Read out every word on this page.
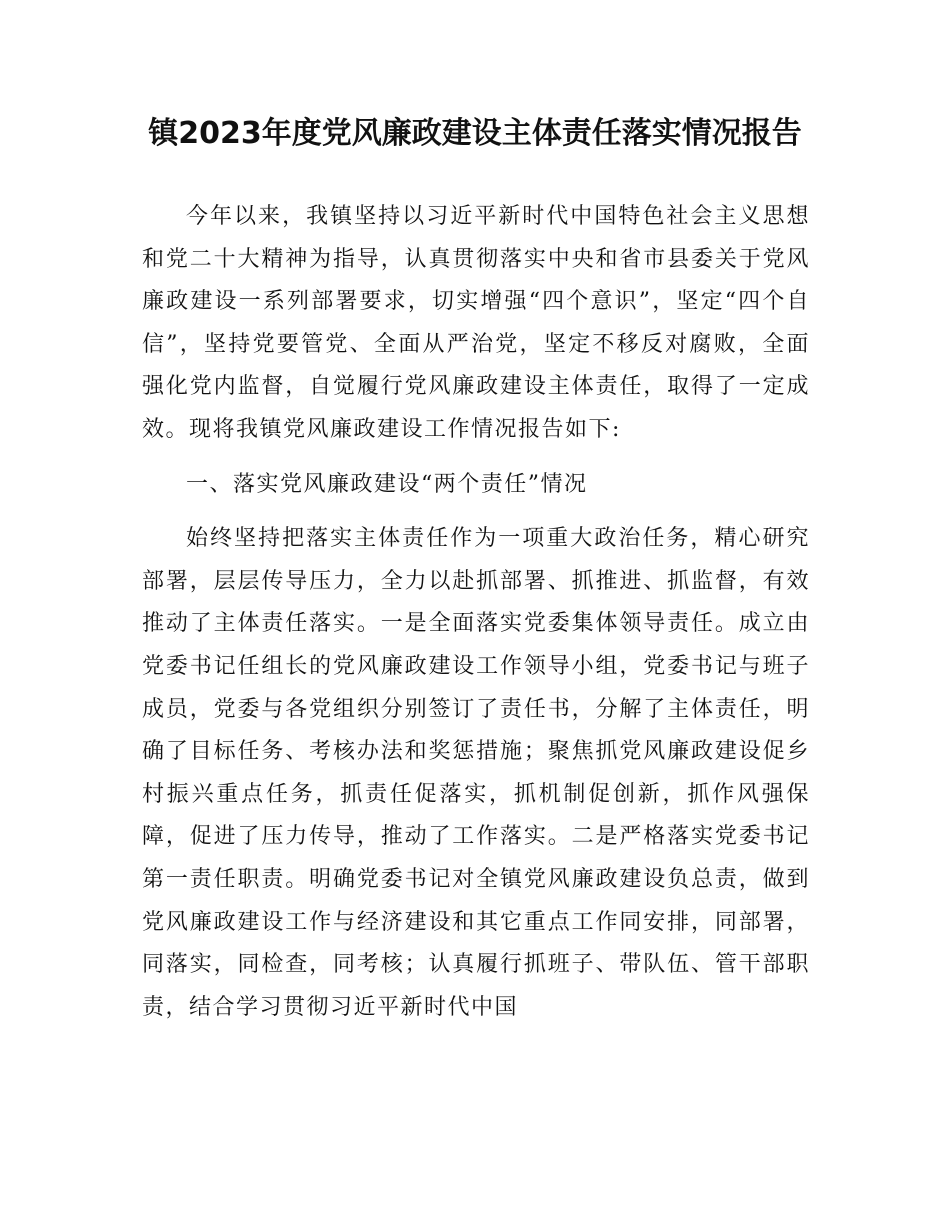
镇2023年度党风廉政建设主体责任落实情况报告

今年以来，我镇坚持以习近平新时代中国特色社会主义思想和党二十大精神为指导，认真贯彻落实中央和省市县委关于党风廉政建设一系列部署要求，切实增强“四个意识”，坚定“四个自信”，坚持党要管党、全面从严治党，坚定不移反对腐败，全面强化党内监督，自觉履行党风廉政建设主体责任，取得了一定成效。现将我镇党风廉政建设工作情况报告如下:

一、落实党风廉政建设“两个责任”情况

始终坚持把落实主体责任作为一项重大政治任务，精心研究部署，层层传导压力，全力以赴抓部署、抓推进、抓监督，有效推动了主体责任落实。一是全面落实党委集体领导责任。成立由党委书记任组长的党风廉政建设工作领导小组，党委书记与班子成员，党委与各党组织分别签订了责任书，分解了主体责任，明确了目标任务、考核办法和奖惩措施；聚焦抓党风廉政建设促乡村振兴重点任务，抓责任促落实，抓机制促创新，抓作风强保障，促进了压力传导，推动了工作落实。二是严格落实党委书记第一责任职责。明确党委书记对全镇党风廉政建设负总责，做到党风廉政建设工作与经济建设和其它重点工作同安排，同部署，同落实，同检查，同考核；认真履行抓班子、带队伍、管干部职责，结合学习贯彻习近平新时代中国
